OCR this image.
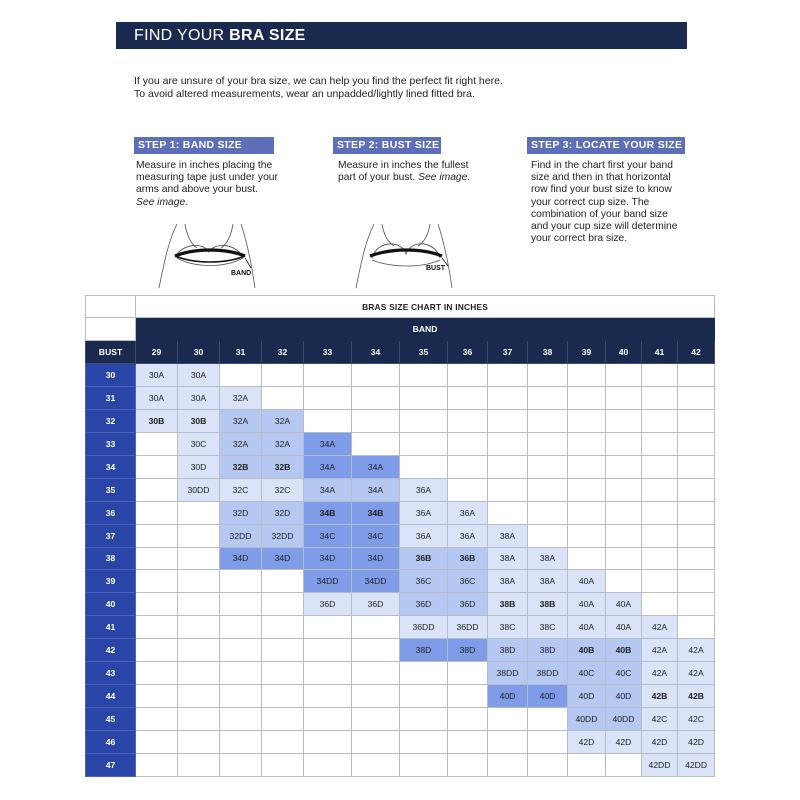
FIND YOUR BRA SIZE
If you are unsure of your bra size, we can help you find the perfect fit right here.
To avoid altered measurements, wear an unpadded/lightly lined fitted bra.
STEP 1: BAND SIZE
Measure in inches placing the
measuring tape just under your
arms and above your bust.
See image.
BAND
STEP 2: BUST SIZE
Measure in inches the fullest
part of your bust. See image.
BUST
STEP 3: LOCATE YOUR SIZE
Find in the chart first your band
size and then in that horizontal
row find your bust size to know
your correct cup size. The
combination of your band size
and your cup size will determine
your correct bra size.
	BRAS SIZE CHART IN INCHES													
	BAND													
BUST	29	30	31	32	33	34	35	36	37	38	39	40	41	42
30	30A	30A												
31	30A	30A	32A											
32	30B	30B	32A	32A										
33		30C	32A	32A	34A									
34		30D	32B	32B	34A	34A								
35		30DD	32C	32C	34A	34A	36A							
36			32D	32D	34B	34B	36A	36A						
37			32DD	32DD	34C	34C	36A	36A	38A					
38			34D	34D	34D	34D	36B	36B	38A	38A				
39					34DD	34DD	36C	36C	38A	38A	40A			
40					36D	36D	36D	36D	38B	38B	40A	40A		
41							36DD	36DD	38C	38C	40A	40A	42A	
42							38D	38D	38D	38D	40B	40B	42A	42A
43									38DD	38DD	40C	40C	42A	42A
44									40D	40D	40D	40D	42B	42B
45											40DD	40DD	42C	42C
46											42D	42D	42D	42D
47													42DD	42DD
